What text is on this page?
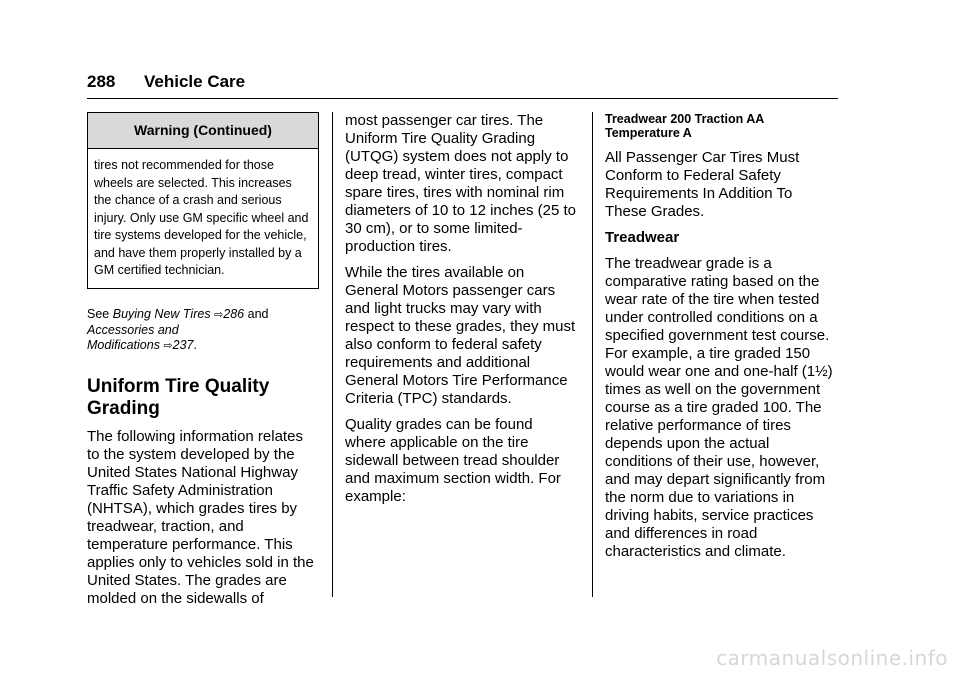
288 Vehicle Care
Warning (Continued)
tires not recommended for those wheels are selected. This increases the chance of a crash and serious injury. Only use GM specific wheel and tire systems developed for the vehicle, and have them properly installed by a GM certified technician.
See Buying New Tires ⇨286 and
Accessories and
Modifications ⇨237.
Uniform Tire Quality Grading
The following information relates to the system developed by the United States National Highway Traffic Safety Administration (NHTSA), which grades tires by treadwear, traction, and temperature performance. This applies only to vehicles sold in the United States. The grades are molded on the sidewalls of
most passenger car tires. The Uniform Tire Quality Grading (UTQG) system does not apply to deep tread, winter tires, compact spare tires, tires with nominal rim diameters of 10 to 12 inches (25 to 30 cm), or to some limited-production tires.
While the tires available on General Motors passenger cars and light trucks may vary with respect to these grades, they must also conform to federal safety requirements and additional General Motors Tire Performance Criteria (TPC) standards.
Quality grades can be found where applicable on the tire sidewall between tread shoulder and maximum section width. For example:
Treadwear 200 Traction AA Temperature A
All Passenger Car Tires Must Conform to Federal Safety Requirements In Addition To These Grades.
Treadwear
The treadwear grade is a comparative rating based on the wear rate of the tire when tested under controlled conditions on a specified government test course. For example, a tire graded 150 would wear one and one-half (1½) times as well on the government course as a tire graded 100. The relative performance of tires depends upon the actual conditions of their use, however, and may depart significantly from the norm due to variations in driving habits, service practices and differences in road characteristics and climate.
carmanualsonline.info
